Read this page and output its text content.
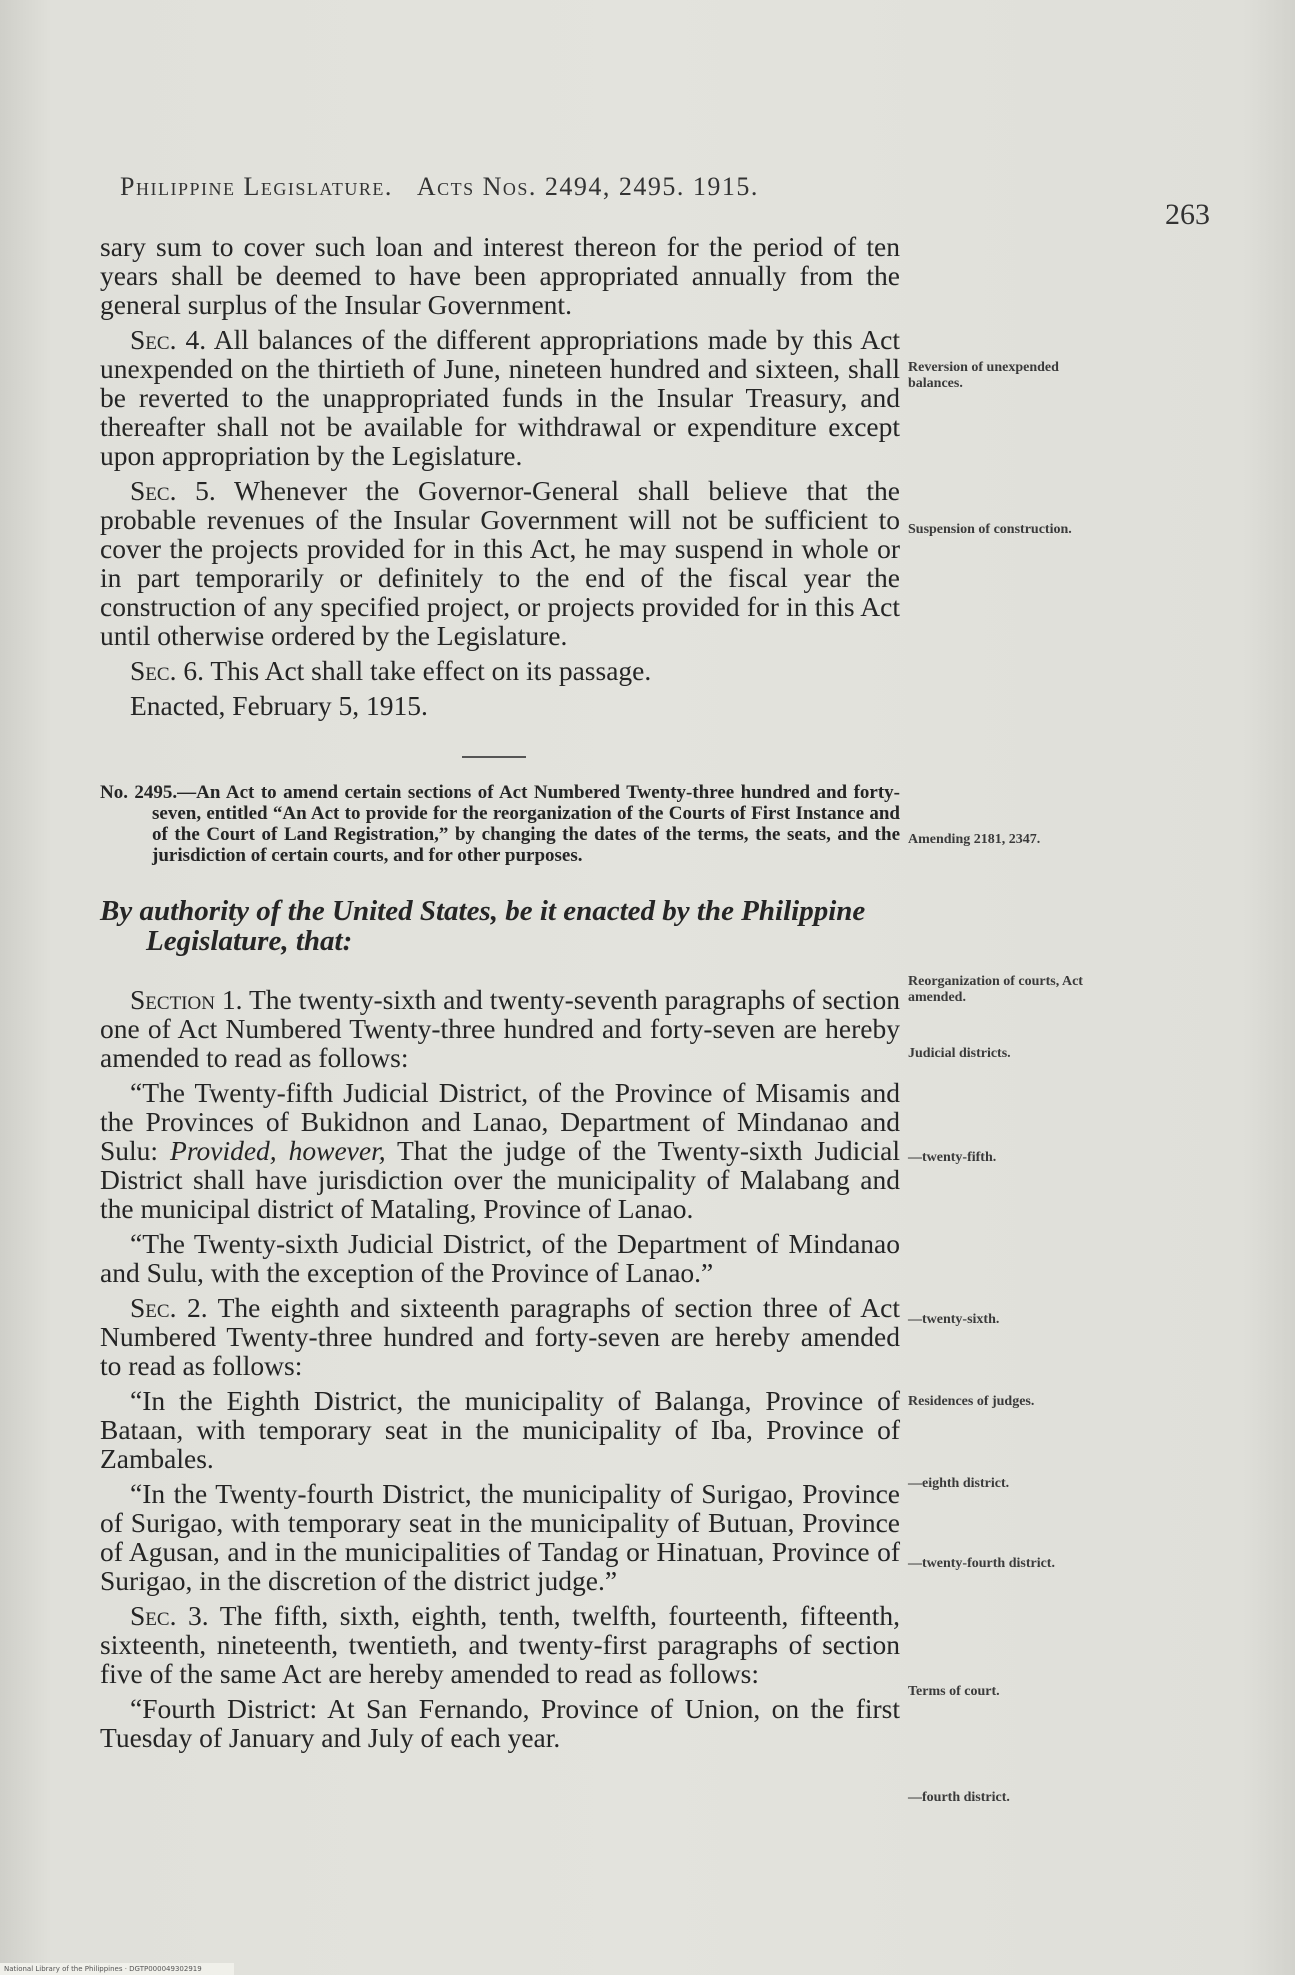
Philippine Legislature. Acts Nos. 2494, 2495. 1915.
263

sary sum to cover such loan and interest thereon for the period of ten years shall be deemed to have been appropriated annually from the general surplus of the Insular Government.

Sec. 4. All balances of the different appropriations made by this Act unexpended on the thirtieth of June, nineteen hundred and sixteen, shall be reverted to the unappropriated funds in the Insular Treasury, and thereafter shall not be available for withdrawal or expenditure except upon appropriation by the Legislature.

Sec. 5. Whenever the Governor-General shall believe that the probable revenues of the Insular Government will not be sufficient to cover the projects provided for in this Act, he may suspend in whole or in part temporarily or definitely to the end of the fiscal year the construction of any specified project, or projects provided for in this Act until otherwise ordered by the Legislature.

Sec. 6. This Act shall take effect on its passage.

Enacted, February 5, 1915.

No. 2495.—An Act to amend certain sections of Act Numbered Twenty-three hundred and forty-seven, entitled “An Act to provide for the reorganization of the Courts of First Instance and of the Court of Land Registration,” by changing the dates of the terms, the seats, and the jurisdiction of certain courts, and for other purposes.

By authority of the United States, be it enacted by the Philippine Legislature, that:

Section 1. The twenty-sixth and twenty-seventh paragraphs of section one of Act Numbered Twenty-three hundred and forty-seven are hereby amended to read as follows:

“The Twenty-fifth Judicial District, of the Province of Misamis and the Provinces of Bukidnon and Lanao, Department of Mindanao and Sulu: Provided, however, That the judge of the Twenty-sixth Judicial District shall have jurisdiction over the municipality of Malabang and the municipal district of Mataling, Province of Lanao.

“The Twenty-sixth Judicial District, of the Department of Mindanao and Sulu, with the exception of the Province of Lanao.”

Sec. 2. The eighth and sixteenth paragraphs of section three of Act Numbered Twenty-three hundred and forty-seven are hereby amended to read as follows:

“In the Eighth District, the municipality of Balanga, Province of Bataan, with temporary seat in the municipality of Iba, Province of Zambales.

“In the Twenty-fourth District, the municipality of Surigao, Province of Surigao, with temporary seat in the municipality of Butuan, Province of Agusan, and in the municipalities of Tandag or Hinatuan, Province of Surigao, in the discretion of the district judge.”

Sec. 3. The fifth, sixth, eighth, tenth, twelfth, fourteenth, fifteenth, sixteenth, nineteenth, twentieth, and twenty-first paragraphs of section five of the same Act are hereby amended to read as follows:

“Fourth District: At San Fernando, Province of Union, on the first Tuesday of January and July of each year.

Reversion of unexpended balances.
Suspension of construction.
Amending 2181, 2347.
Reorganization of courts, Act amended.
Judicial districts.
—twenty-fifth.
—twenty-sixth.
Residences of judges.
—eighth district.
—twenty-fourth district.
Terms of court.
—fourth district.
National Library of the Philippines · DGTP000049302919
